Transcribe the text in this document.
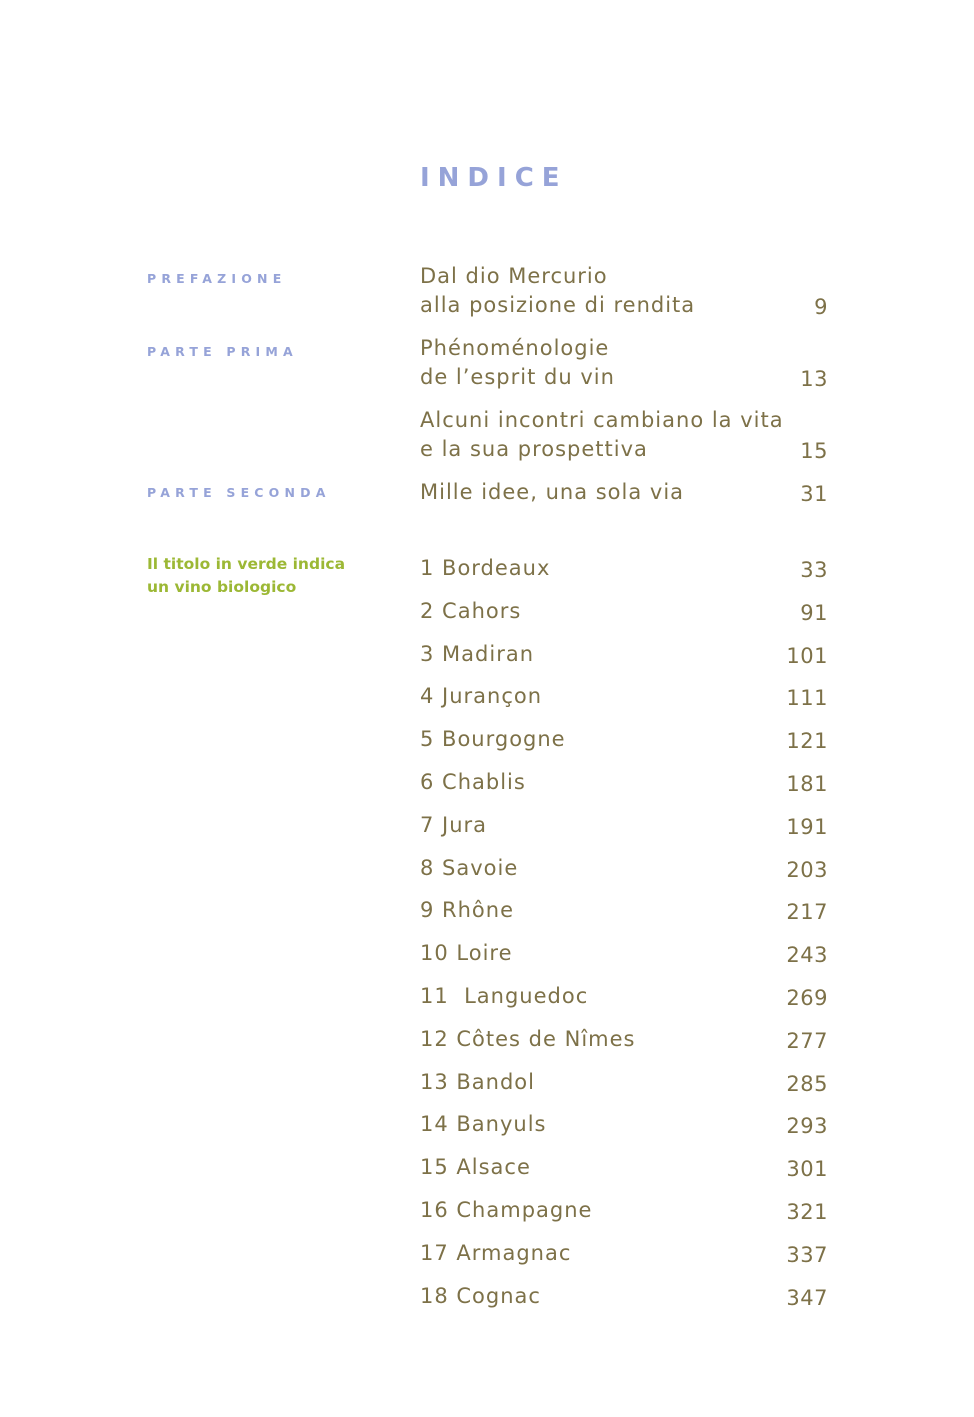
INDICE
PREFAZIONE	Dal dio Mercurio
alla posizione di rendita	9
PARTE PRIMA	Phénoménologie
de l’esprit du vin	13
Alcuni incontri cambiano la vita
e la sua prospettiva	15
PARTE SECONDA	Mille idee, una sola via	31
Il titolo in verde indica
un vino biologico
1 Bordeaux	33
2 Cahors	91
3 Madiran	101
4 Jurançon	111
5 Bourgogne	121
6 Chablis	181
7 Jura	191
8 Savoie	203
9 Rhône	217
10 Loire	243
11  Languedoc	269
12 Côtes de Nîmes	277
13 Bandol	285
14 Banyuls	293
15 Alsace	301
16 Champagne	321
17 Armagnac	337
18 Cognac	347
